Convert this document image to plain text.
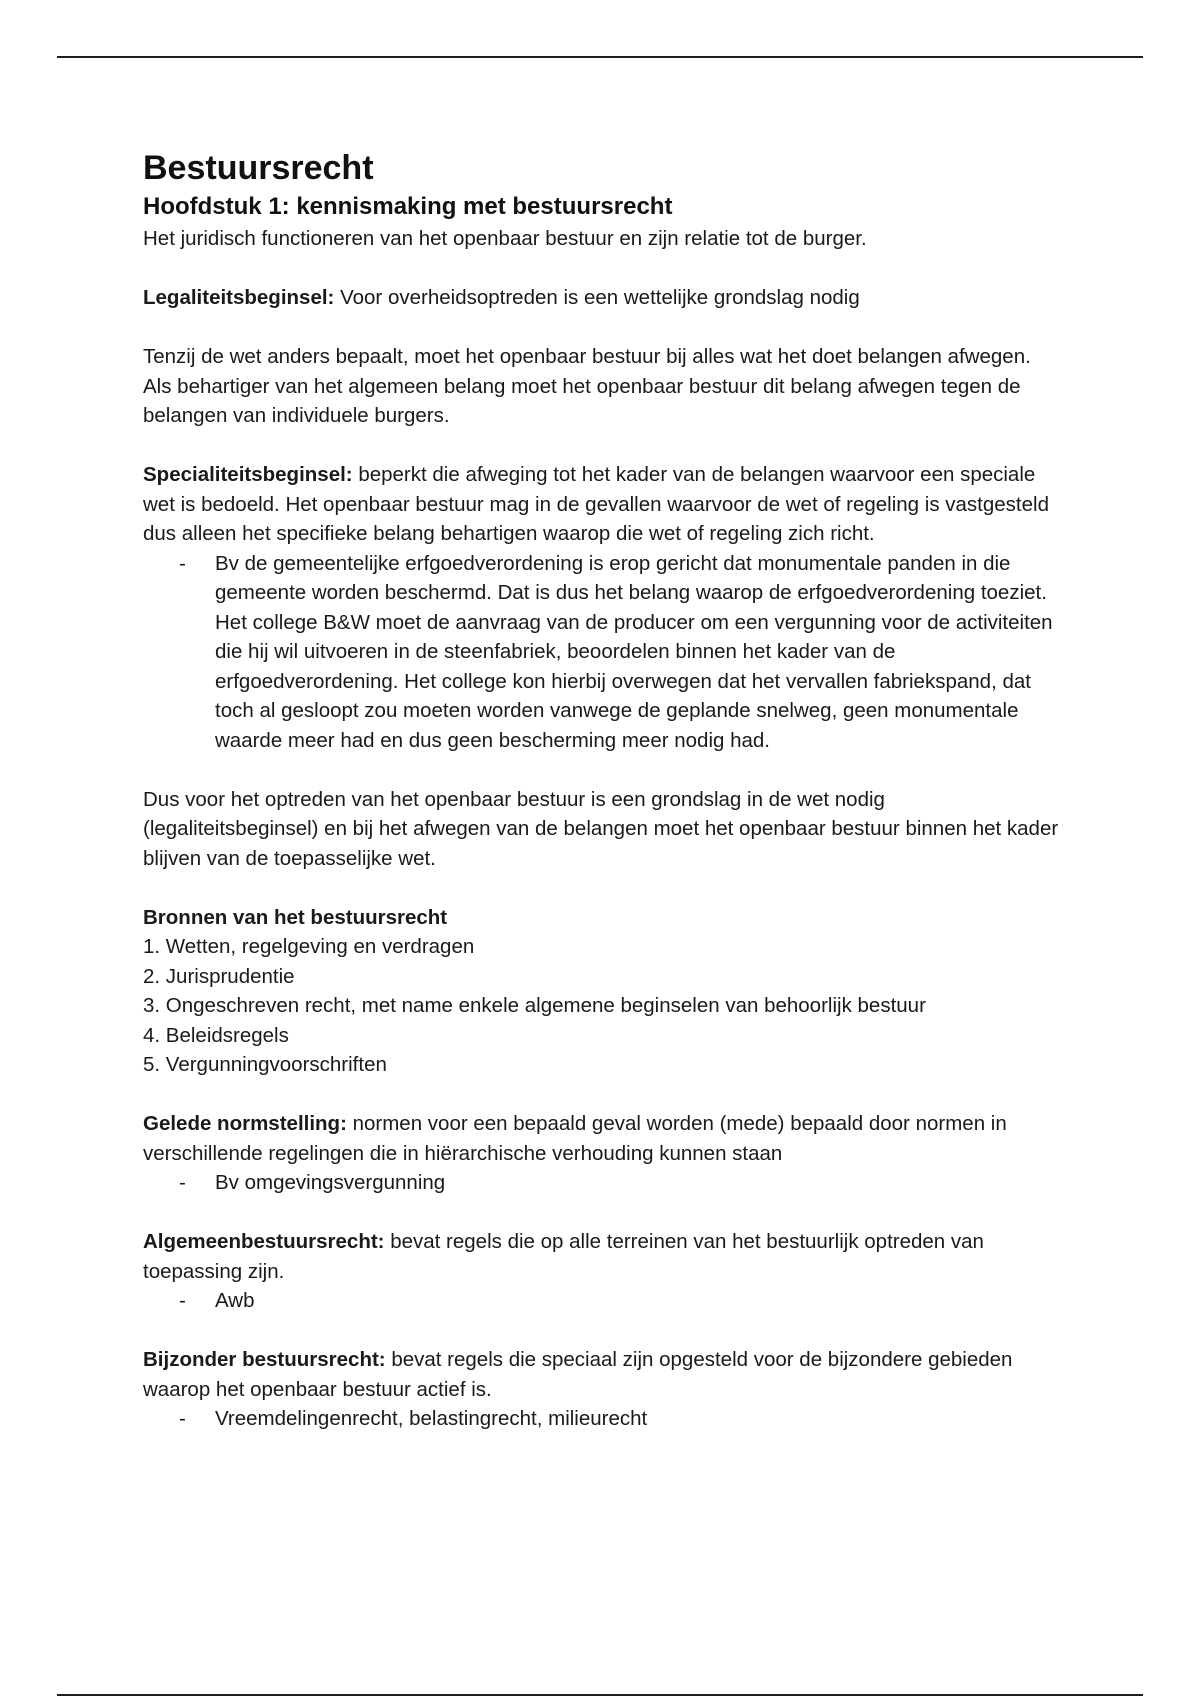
Bestuursrecht
Hoofdstuk 1: kennismaking met bestuursrecht

Het juridisch functioneren van het openbaar bestuur en zijn relatie tot de burger.

Legaliteitsbeginsel: Voor overheidsoptreden is een wettelijke grondslag nodig

Tenzij de wet anders bepaalt, moet het openbaar bestuur bij alles wat het doet belangen afwegen. Als behartiger van het algemeen belang moet het openbaar bestuur dit belang afwegen tegen de belangen van individuele burgers.

Specialiteitsbeginsel: beperkt die afweging tot het kader van de belangen waarvoor een speciale wet is bedoeld. Het openbaar bestuur mag in de gevallen waarvoor de wet of regeling is vastgesteld dus alleen het specifieke belang behartigen waarop die wet of regeling zich richt.

- Bv de gemeentelijke erfgoedverordening is erop gericht dat monumentale panden in die gemeente worden beschermd. Dat is dus het belang waarop de erfgoedverordening toeziet. Het college B&W moet de aanvraag van de producer om een vergunning voor de activiteiten die hij wil uitvoeren in de steenfabriek, beoordelen binnen het kader van de erfgoedverordening. Het college kon hierbij overwegen dat het vervallen fabriekspand, dat toch al gesloopt zou moeten worden vanwege de geplande snelweg, geen monumentale waarde meer had en dus geen bescherming meer nodig had.

Dus voor het optreden van het openbaar bestuur is een grondslag in de wet nodig (legaliteitsbeginsel) en bij het afwegen van de belangen moet het openbaar bestuur binnen het kader blijven van de toepasselijke wet.

Bronnen van het bestuursrecht

1. Wetten, regelgeving en verdragen
2. Jurisprudentie
3. Ongeschreven recht, met name enkele algemene beginselen van behoorlijk bestuur
4. Beleidsregels
5. Vergunningvoorschriften

Gelede normstelling: normen voor een bepaald geval worden (mede) bepaald door normen in verschillende regelingen die in hiërarchische verhouding kunnen staan

- Bv omgevingsvergunning

Algemeenbestuursrecht: bevat regels die op alle terreinen van het bestuurlijk optreden van toepassing zijn.

- Awb

Bijzonder bestuursrecht: bevat regels die speciaal zijn opgesteld voor de bijzondere gebieden waarop het openbaar bestuur actief is.

- Vreemdelingenrecht, belastingrecht, milieurecht
